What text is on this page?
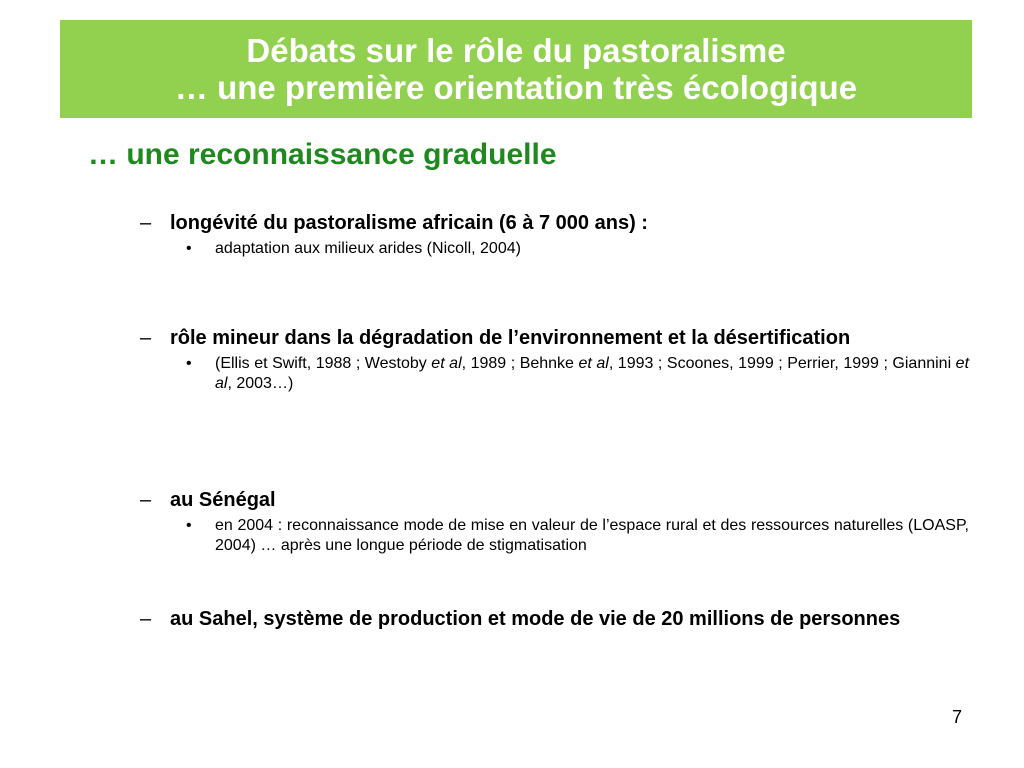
Débats sur le rôle du pastoralisme
… une première orientation très écologique
… une reconnaissance graduelle
– longévité du pastoralisme africain (6 à 7 000 ans) :
• adaptation aux milieux arides (Nicoll, 2004)
– rôle mineur dans la dégradation de l’environnement et la désertification
• (Ellis et Swift, 1988 ; Westoby et al, 1989 ; Behnke et al, 1993 ; Scoones, 1999 ; Perrier, 1999 ; Giannini et al, 2003…)
– au Sénégal
• en 2004 : reconnaissance mode de mise en valeur de l’espace rural et des ressources naturelles (LOASP, 2004) … après une longue période de stigmatisation
– au Sahel, système de production et mode de vie de 20 millions de personnes
7
